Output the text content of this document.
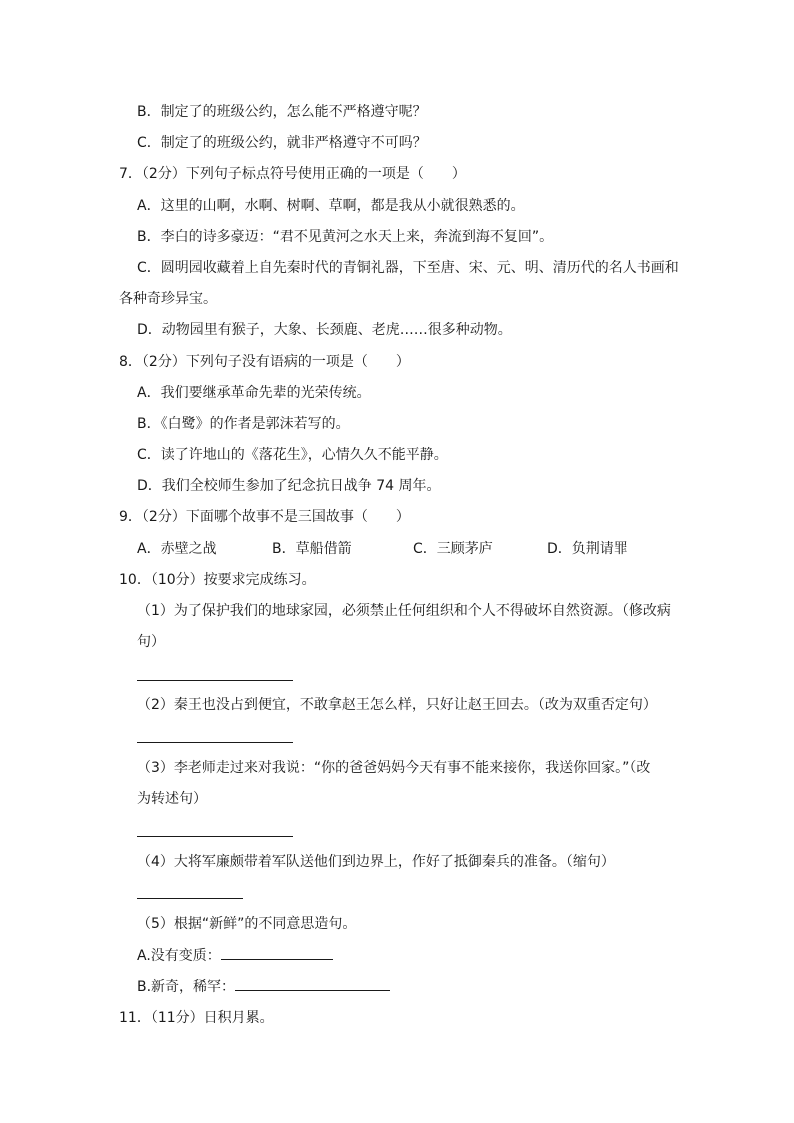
B．制定了的班级公约，怎么能不严格遵守呢？
C．制定了的班级公约，就非严格遵守不可吗？
7．（2分）下列句子标点符号使用正确的一项是（　　）
A．这里的山啊，水啊、树啊、草啊，都是我从小就很熟悉的。
B．李白的诗多豪迈：“君不见黄河之水天上来，奔流到海不复回”。
C．圆明园收藏着上自先秦时代的青铜礼器，下至唐、宋、元、明、清历代的名人书画和
各种奇珍异宝。
D．动物园里有猴子，大象、长颈鹿、老虎……很多种动物。
8．（2分）下列句子没有语病的一项是（　　）
A．我们要继承革命先辈的光荣传统。
B．《白鹭》的作者是郭沫若写的。
C．读了许地山的《落花生》，心情久久不能平静。
D．我们全校师生参加了纪念抗日战争 74 周年。
9．（2分）下面哪个故事不是三国故事（　　）
A．赤壁之战	B．草船借箭	C．三顾茅庐	D．负荆请罪
10．（10分）按要求完成练习。
（1）为了保护我们的地球家园，必须禁止任何组织和个人不得破坏自然资源。（修改病
句）
（2）秦王也没占到便宜，不敢拿赵王怎么样，只好让赵王回去。（改为双重否定句）
（3）李老师走过来对我说：“你的爸爸妈妈今天有事不能来接你，我送你回家。”（改
为转述句）
（4）大将军廉颇带着军队送他们到边界上，作好了抵御秦兵的准备。（缩句）
（5）根据“新鲜”的不同意思造句。
A.没有变质：
B.新奇，稀罕：
11．（11分）日积月累。
